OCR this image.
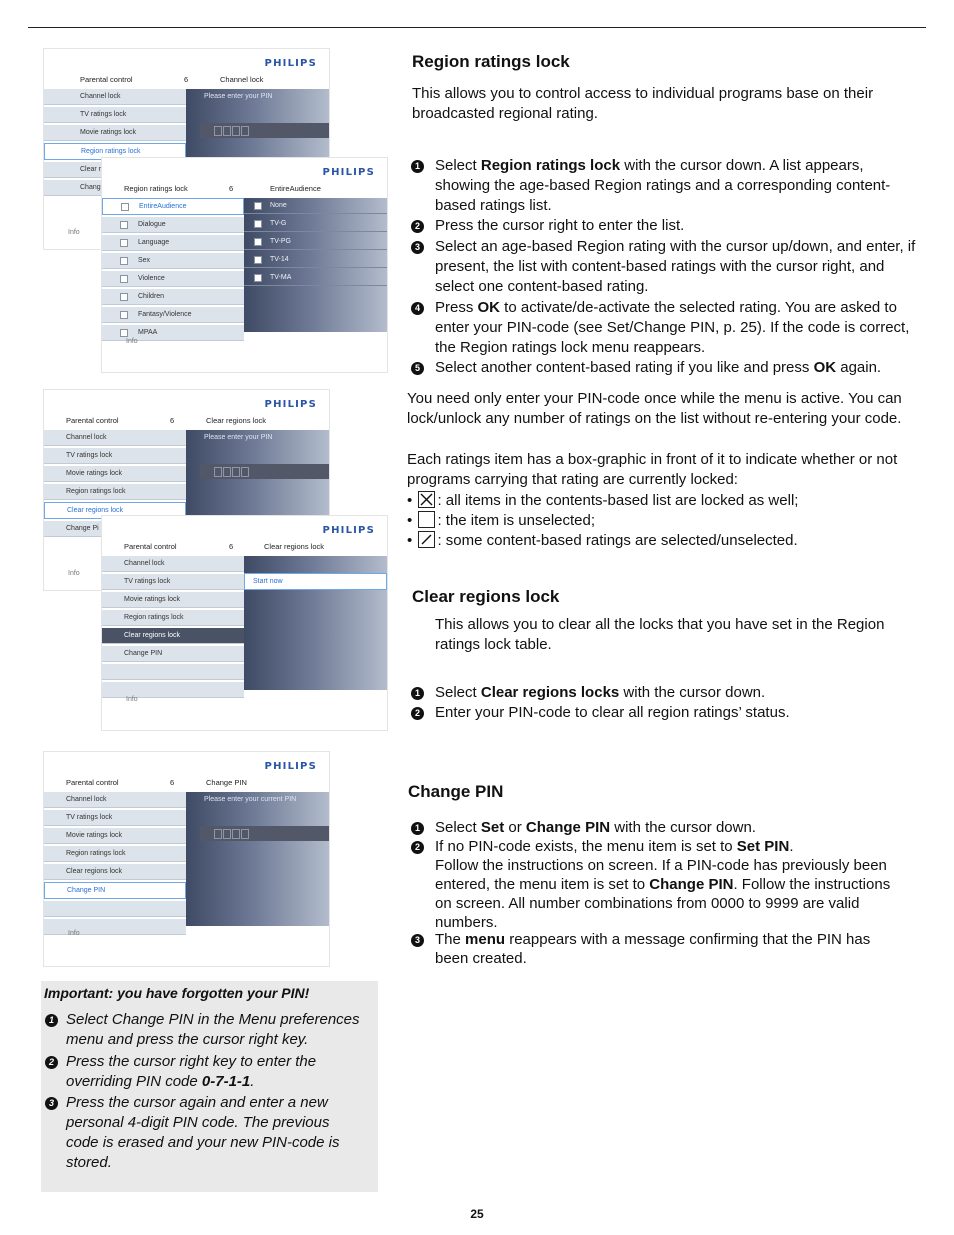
PHILIPS
Parental control	6	Channel lock
Channel lock
TV ratings lock
Movie ratings lock
Region ratings lock
Clear r
Chang
Please enter your PIN
Info
PHILIPS
Region ratings lock	6	EntireAudience
EntireAudience
Dialogue
Language
Sex
Violence
Children
Fantasy/Violence
MPAA
None
TV-G
TV-PG
TV-14
TV-MA
Info
PHILIPS
Parental control	6	Clear regions lock
Channel lock
TV ratings lock
Movie ratings lock
Region ratings lock
Clear regions lock
Change Pi
Please enter your PIN
Info
PHILIPS
Parental control	6	Clear regions lock
Channel lock
TV ratings lock
Movie ratings lock
Region ratings lock
Clear regions lock
Change PIN
Start now
Info
PHILIPS
Parental control	6	Change PIN
Channel lock
TV ratings lock
Movie ratings lock
Region ratings lock
Clear regions lock
Change PIN
Please enter your current PIN
Info
Region ratings lock
This allows you to control access to individual programs base on their broadcasted regional rating.
1 Select Region ratings lock with the cursor down. A list appears, showing the age-based Region ratings and a corresponding content-based ratings list.
2 Press the cursor right to enter the list.
3 Select an age-based Region rating with the cursor up/down, and enter, if present, the list with content-based ratings with the cursor right, and select one content-based rating.
4 Press OK to activate/de-activate the selected rating. You are asked to enter your PIN-code (see Set/Change PIN, p. 25). If the code is correct, the Region ratings lock menu reappears.
5 Select another content-based rating if you like and press OK again.
You need only enter your PIN-code once while the menu is active. You can lock/unlock any number of ratings on the list without re-entering your code.
Each ratings item has a box-graphic in front of it to indicate whether or not programs carrying that rating are currently locked:
• : all items in the contents-based list are locked as well;
• : the item is unselected;
• : some content-based ratings are selected/unselected.
Clear regions lock
This allows you to clear all the locks that you have set in the Region ratings lock table.
1 Select Clear regions locks with the cursor down.
2 Enter your PIN-code to clear all region ratings’ status.
Change PIN
1 Select Set or Change PIN with the cursor down.
2 If no PIN-code exists, the menu item is set to Set PIN.
Follow the instructions on screen. If a PIN-code has previously been entered, the menu item is set to Change PIN. Follow the instructions on screen. All number combinations from 0000 to 9999 are valid numbers.
3 The menu reappears with a message confirming that the PIN has been created.
Important: you have forgotten your PIN!
1 Select Change PIN in the Menu preferences menu and press the cursor right key.
2 Press the cursor right key to enter the overriding PIN code 0-7-1-1.
3 Press the cursor again and enter a new personal 4-digit PIN code. The previous code is erased and your new PIN-code is stored.
25
